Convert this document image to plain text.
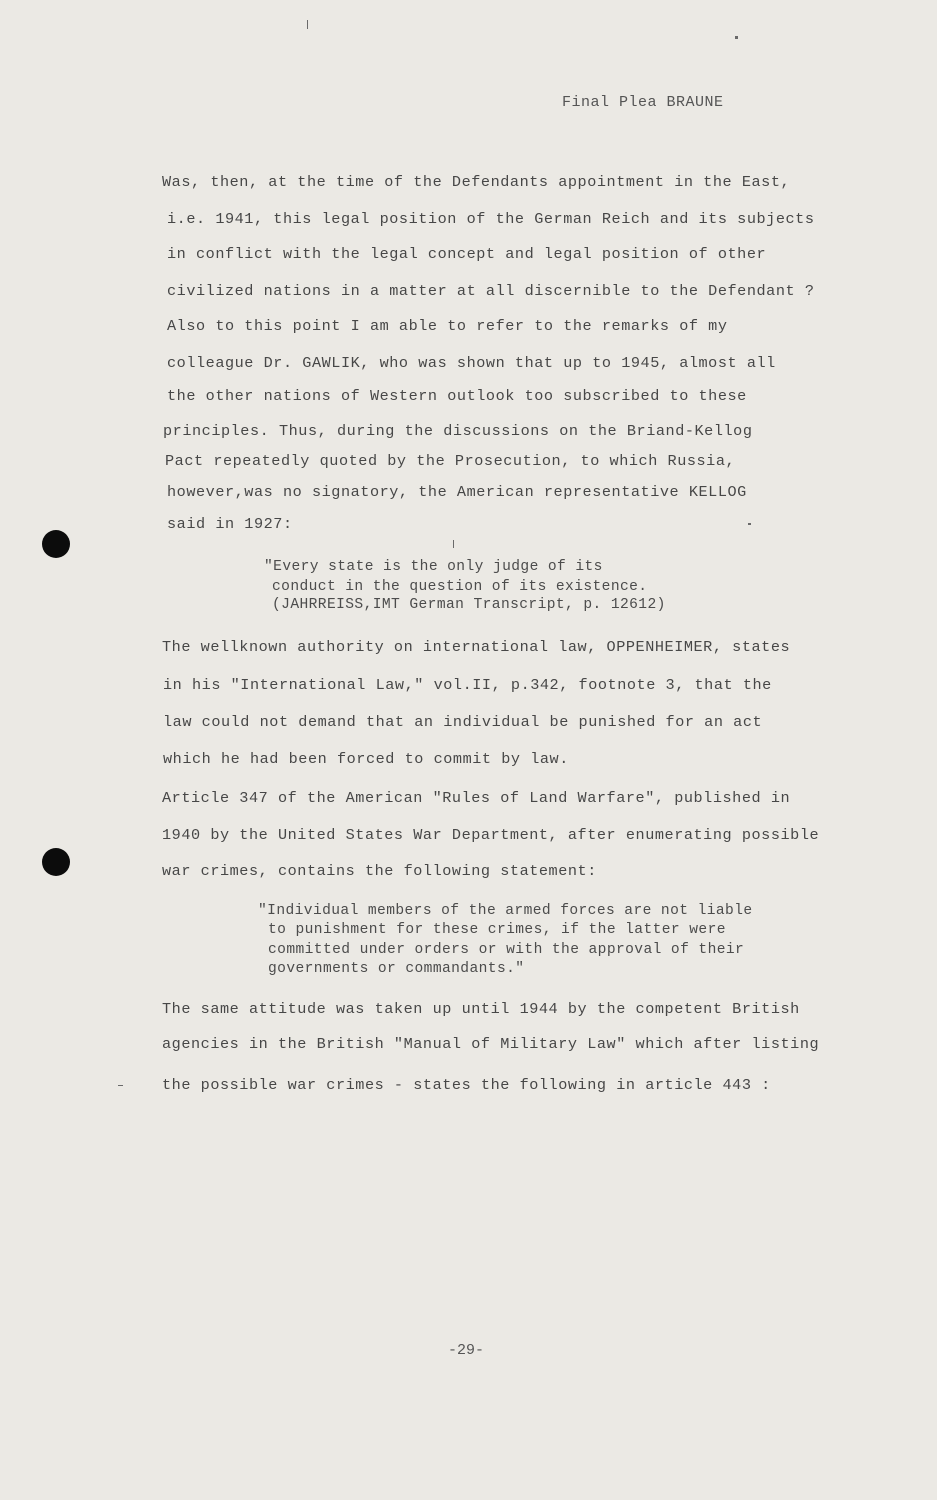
Final Plea BRAUNE
Was, then, at the time of the Defendants appointment in the East,
i.e. 1941, this legal position of the German Reich and its subjects
in conflict with the legal concept and legal position of other
civilized nations in a matter at all discernible to the Defendant ?
Also to this point I am able to refer to the remarks of my
colleague Dr. GAWLIK, who was shown that up to 1945, almost all
the other nations of Western outlook too subscribed to these
principles. Thus, during the discussions on the Briand-Kellog
Pact repeatedly quoted by the Prosecution, to which Russia,
however,was no signatory, the American representative KELLOG
said in 1927:
"Every state is the only judge of its
conduct in the question of its existence.
(JAHRREISS,IMT German Transcript, p. 12612)
The wellknown authority on international law, OPPENHEIMER, states
in his "International Law," vol.II, p.342, footnote 3, that the
law could not demand that an individual be punished for an act
which he had been forced to commit by law.
Article 347 of the American "Rules of Land Warfare", published in
1940 by the United States War Department, after enumerating possible
war crimes, contains the following statement:
"Individual members of the armed forces are not liable
to punishment for these crimes, if the latter were
committed under orders or with the approval of their
governments or commandants."
The same attitude was taken up until 1944 by the competent British
agencies in the British "Manual of Military Law" which after listing
the possible war crimes - states the following in article 443 :
-29-
